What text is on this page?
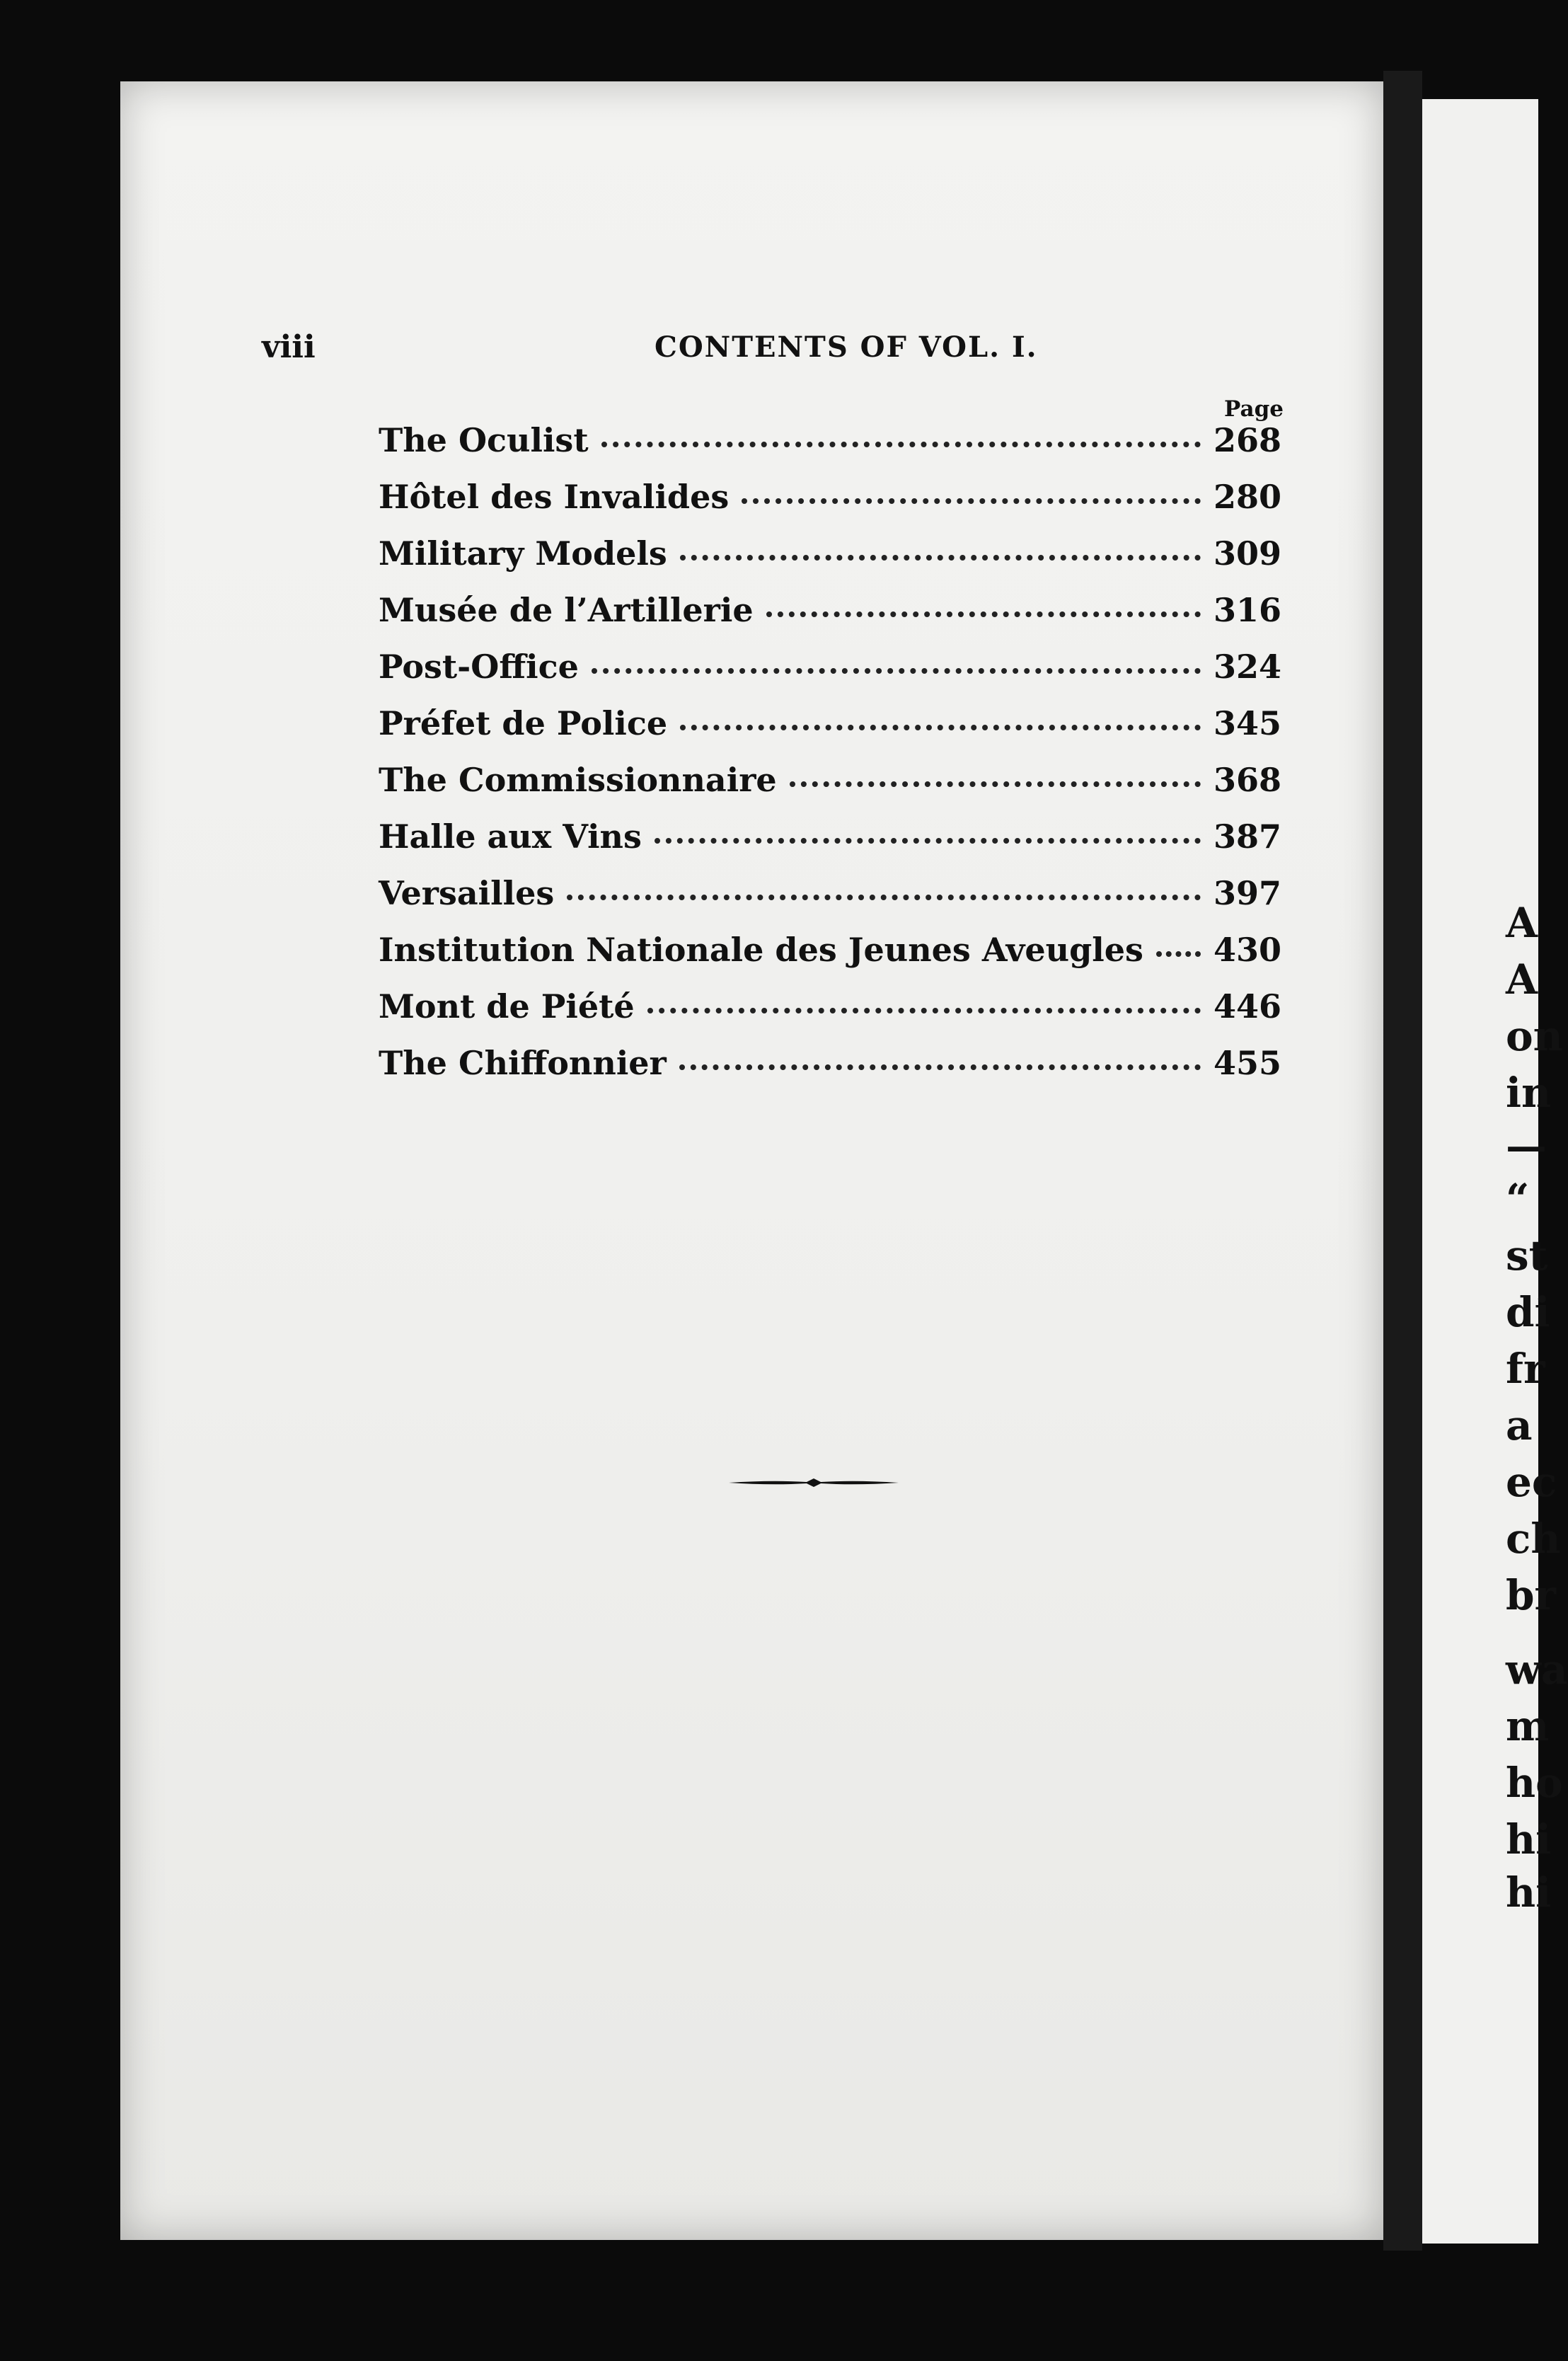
A
A
on
in
—
“
st
di
fr
a
ec
ch
br
wa
m
ho
hi
hi
viii	CONTENTS OF VOL. I.
Page
The Oculist	268
Hôtel des Invalides	280
Military Models	309
Musée de l’Artillerie	316
Post-Office	324
Préfet de Police	345
The Commissionnaire	368
Halle aux Vins	387
Versailles	397
Institution Nationale des Jeunes Aveugles 430
Mont de Piété	446
The Chiffonnier	455
